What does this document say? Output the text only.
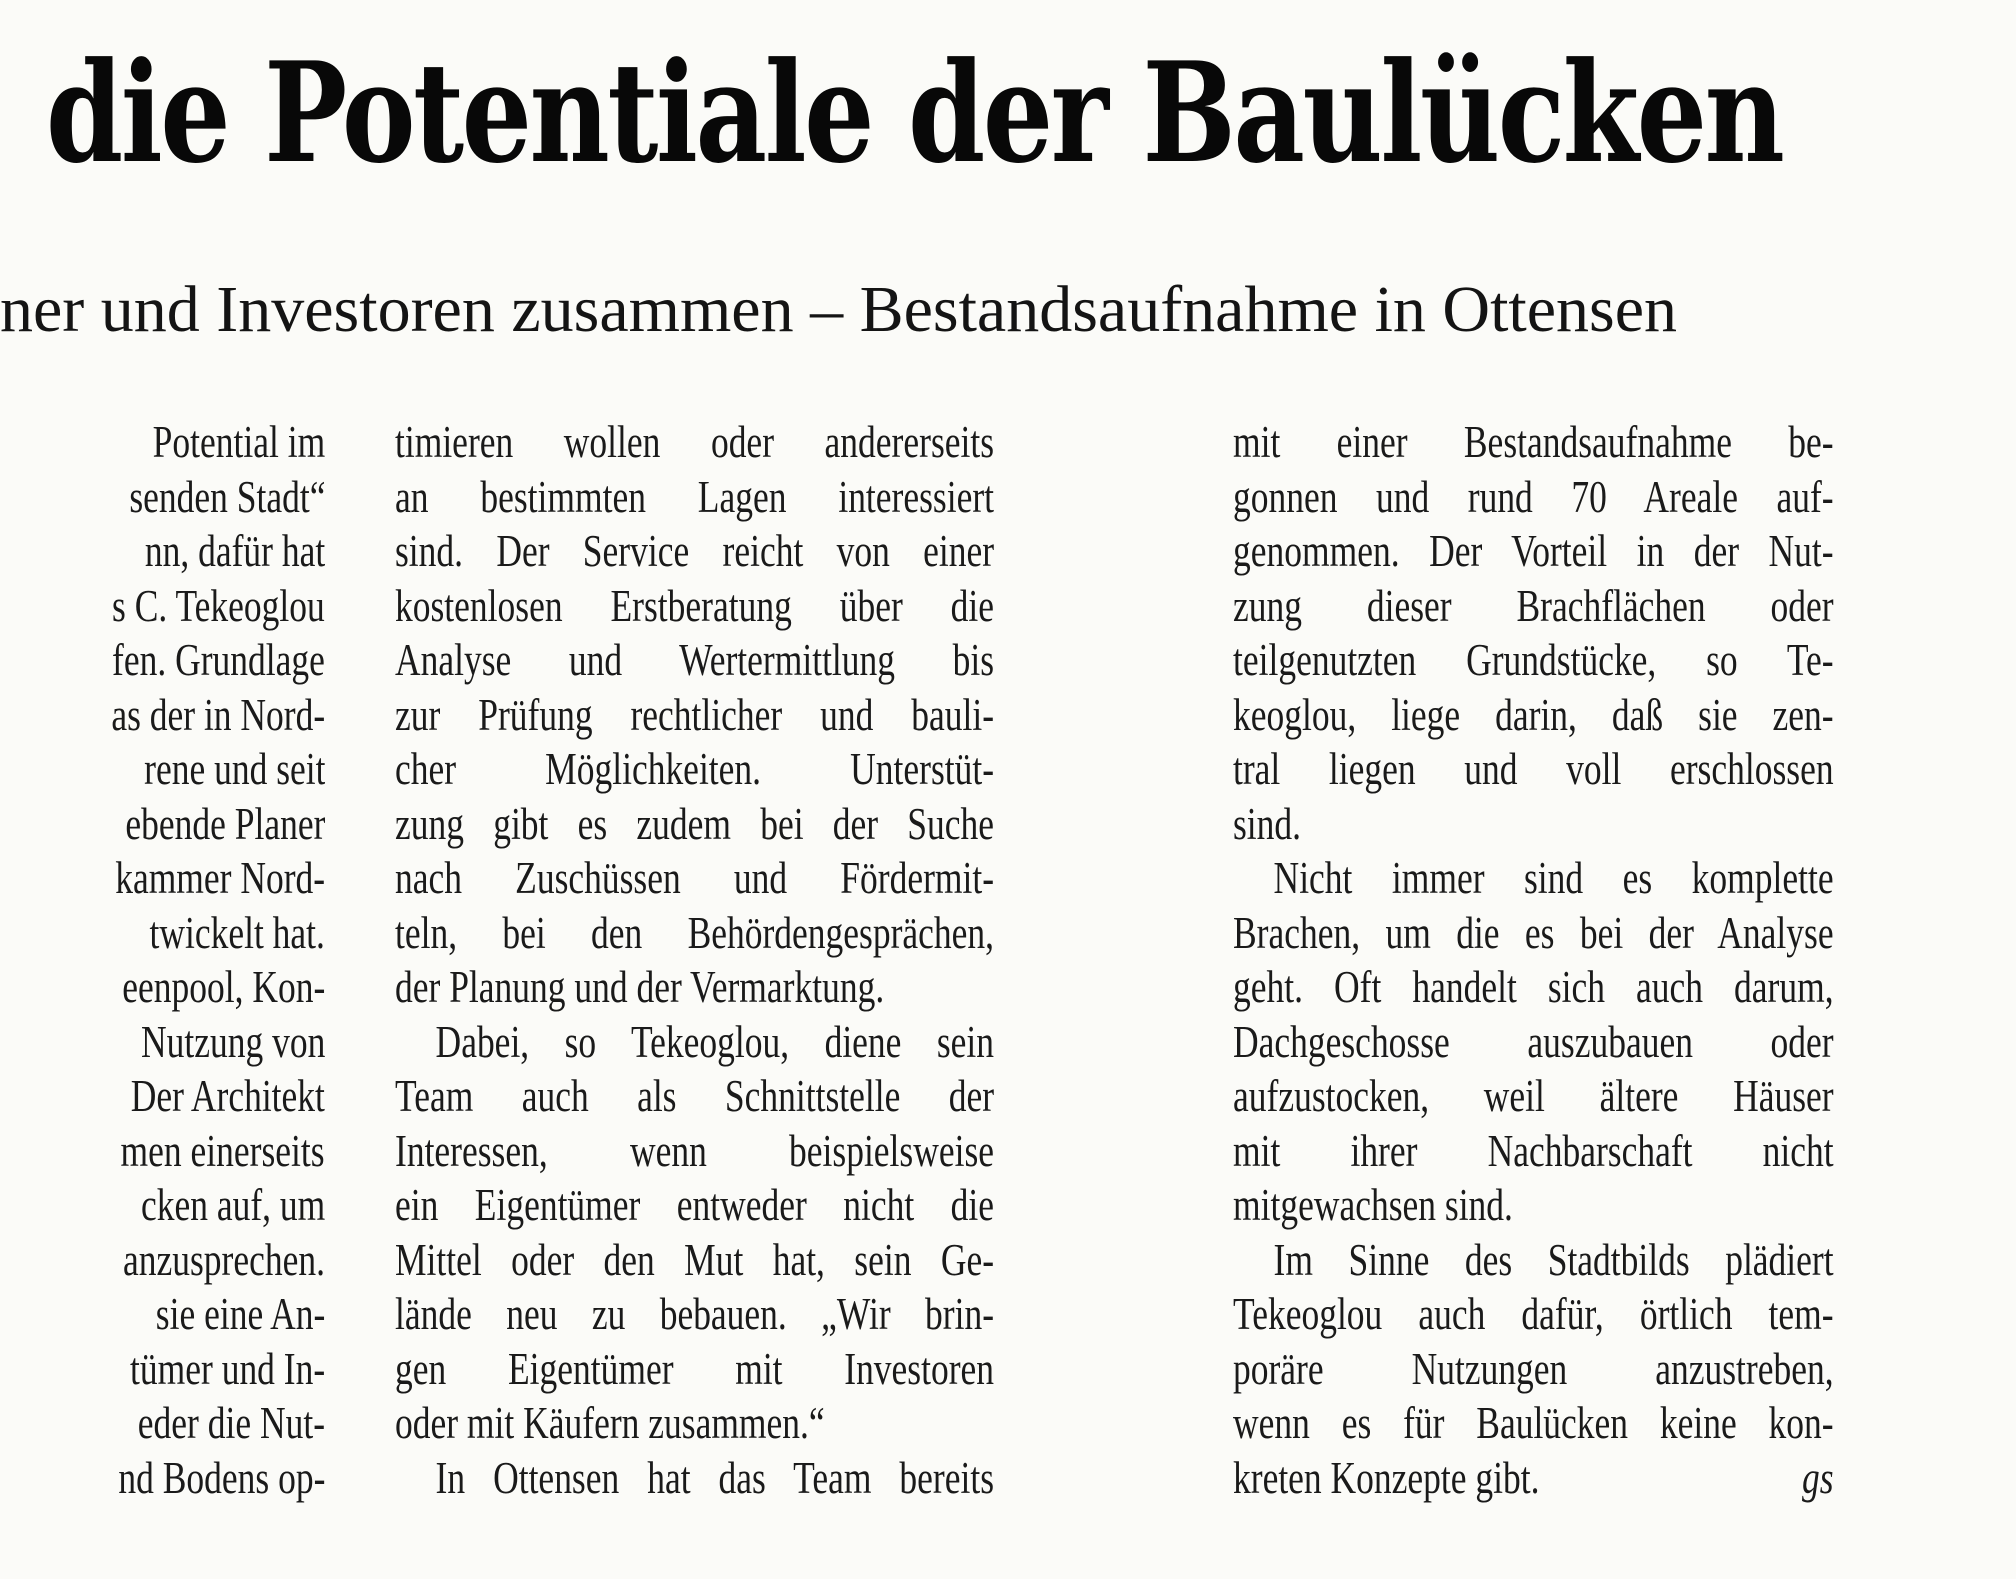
die Potentiale der Baulücken
ner und Investoren zusammen – Bestandsaufnahme in Ottensen
Potential im
senden Stadt“
nn, dafür hat
s C. Tekeoglou
fen. Grundlage
as der in Nord-
rene und seit
ebende Planer
kammer Nord-
twickelt hat.
eenpool, Kon-
Nutzung von
Der Architekt
men einerseits
cken auf, um
anzusprechen.
sie eine An-
tümer und In-
eder die Nut-
nd Bodens op-
timieren wollen oder andererseits
an bestimmten Lagen interessiert
sind. Der Service reicht von einer
kostenlosen Erstberatung über die
Analyse und Wertermittlung bis
zur Prüfung rechtlicher und bauli-
cher Möglichkeiten. Unterstüt-
zung gibt es zudem bei der Suche
nach Zuschüssen und Fördermit-
teln, bei den Behördengesprächen,
der Planung und der Vermarktung.
Dabei, so Tekeoglou, diene sein
Team auch als Schnittstelle der
Interessen, wenn beispielsweise
ein Eigentümer entweder nicht die
Mittel oder den Mut hat, sein Ge-
lände neu zu bebauen. „Wir brin-
gen Eigentümer mit Investoren
oder mit Käufern zusammen.“
In Ottensen hat das Team bereits
mit einer Bestandsaufnahme be-
gonnen und rund 70 Areale auf-
genommen. Der Vorteil in der Nut-
zung dieser Brachflächen oder
teilgenutzten Grundstücke, so Te-
keoglou, liege darin, daß sie zen-
tral liegen und voll erschlossen
sind.
Nicht immer sind es komplette
Brachen, um die es bei der Analyse
geht. Oft handelt sich auch darum,
Dachgeschosse auszubauen oder
aufzustocken, weil ältere Häuser
mit ihrer Nachbarschaft nicht
mitgewachsen sind.
Im Sinne des Stadtbilds plädiert
Tekeoglou auch dafür, örtlich tem-
poräre Nutzungen anzustreben,
wenn es für Baulücken keine kon-
kreten Konzepte gibt.	gs
